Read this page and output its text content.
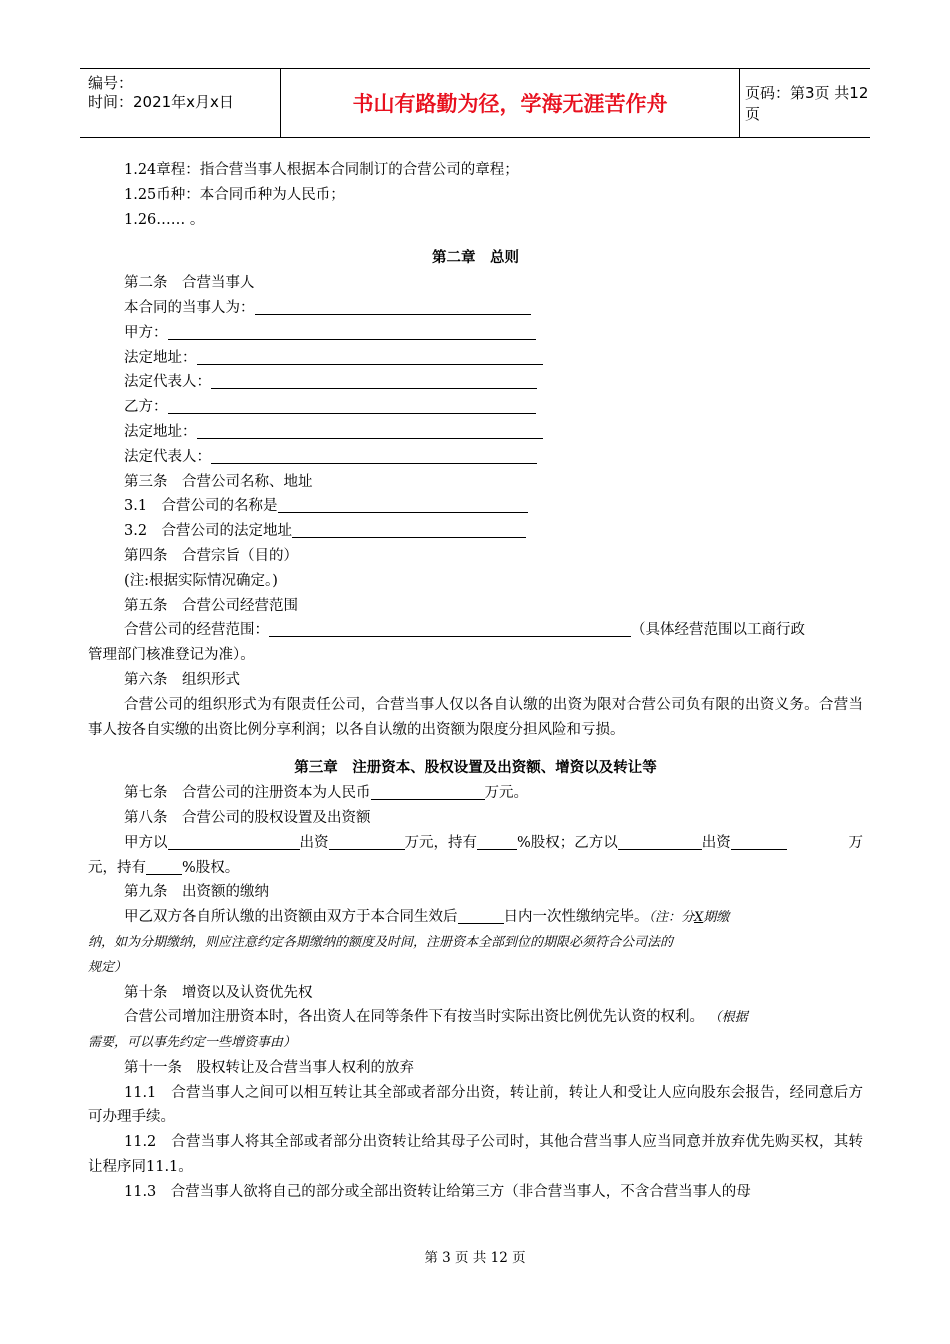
编号：
时间：2021年x月x日	书山有路勤为径，学海无涯苦作舟	页码：第3页 共12页

1.24章程：指合营当事人根据本合同制订的合营公司的章程；

1.25币种：本合同币种为人民币；

1.26…… 。

第二章　总则

第二条　合营当事人

本合同的当事人为：

甲方：

法定地址：

法定代表人：

乙方：

法定地址：

法定代表人：

第三条　合营公司名称、地址

3.1　合营公司的名称是

3.2　合营公司的法定地址

第四条　合营宗旨（目的）

(注:根据实际情况确定。)

第五条　合营公司经营范围

合营公司的经营范围：	（具体经营范围以工商行政

管理部门核准登记为准）。

第六条　组织形式

合营公司的组织形式为有限责任公司，合营当事人仅以各自认缴的出资为限对合营公司负有限的出资义务。合营当事人按各自实缴的出资比例分享利润；以各自认缴的出资额为限度分担风险和亏损。

第三章　注册资本、股权设置及出资额、增资以及转让等

第七条　合营公司的注册资本为人民币	万元。

第八条　合营公司的股权设置及出资额

甲方以	出资	万元，持有	%股权；乙方以	出资	万

元，持有 %股权。

第九条　出资额的缴纳

甲乙双方各自所认缴的出资额由双方于本合同生效后	日内一次性缴纳完毕。（注：分X期缴

纳，如为分期缴纳，则应注意约定各期缴纳的额度及时间，注册资本全部到位的期限必须符合公司法的

规定）

第十条　增资以及认资优先权

合营公司增加注册资本时，各出资人在同等条件下有按当时实际出资比例优先认资的权利。 （根据

需要，可以事先约定一些增资事由）

第十一条　股权转让及合营当事人权利的放弃

11.1　合营当事人之间可以相互转让其全部或者部分出资，转让前，转让人和受让人应向股东会报告，经同意后方可办理手续。

11.2　合营当事人将其全部或者部分出资转让给其母子公司时，其他合营当事人应当同意并放弃优先购买权，其转让程序同11.1。

11.3　合营当事人欲将自己的部分或全部出资转让给第三方（非合营当事人，不含合营当事人的母

第 3 页 共 12 页
